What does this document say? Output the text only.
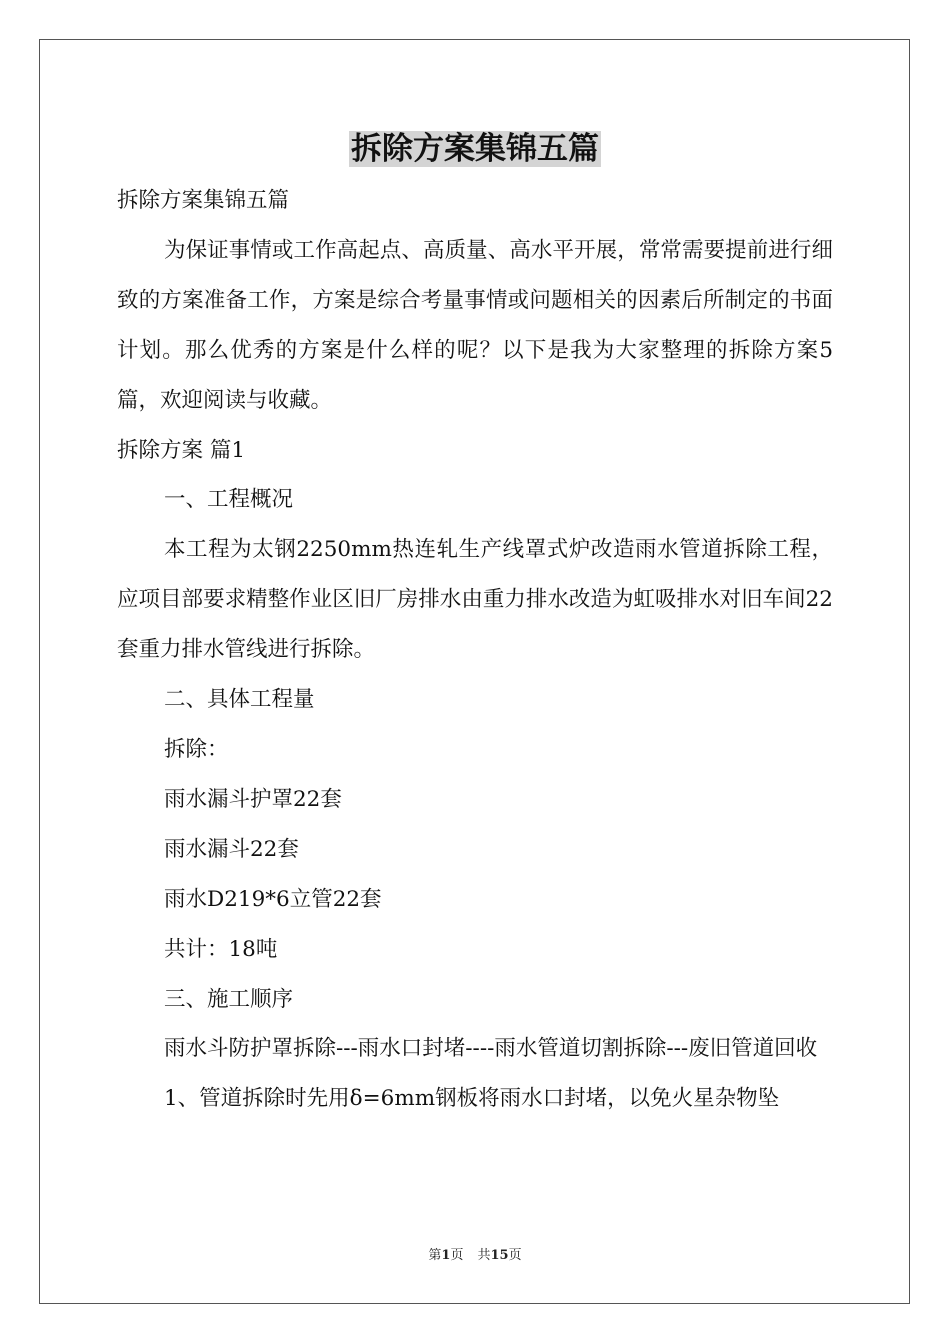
拆除方案集锦五篇

拆除方案集锦五篇

为保证事情或工作高起点、高质量、高水平开展，常常需要提前进行细致的方案准备工作，方案是综合考量事情或问题相关的因素后所制定的书面计划。那么优秀的方案是什么样的呢？以下是我为大家整理的拆除方案5篇，欢迎阅读与收藏。

拆除方案 篇1

一、工程概况

本工程为太钢2250mm热连轧生产线罩式炉改造雨水管道拆除工程，应项目部要求精整作业区旧厂房排水由重力排水改造为虹吸排水对旧车间22套重力排水管线进行拆除。

二、具体工程量

拆除：

雨水漏斗护罩22套

雨水漏斗22套

雨水D219*6立管22套

共计：18吨

三、施工顺序

雨水斗防护罩拆除---雨水口封堵----雨水管道切割拆除---废旧管道回收

1、管道拆除时先用δ=6mm钢板将雨水口封堵，以免火星杂物坠

第1页 共15页
